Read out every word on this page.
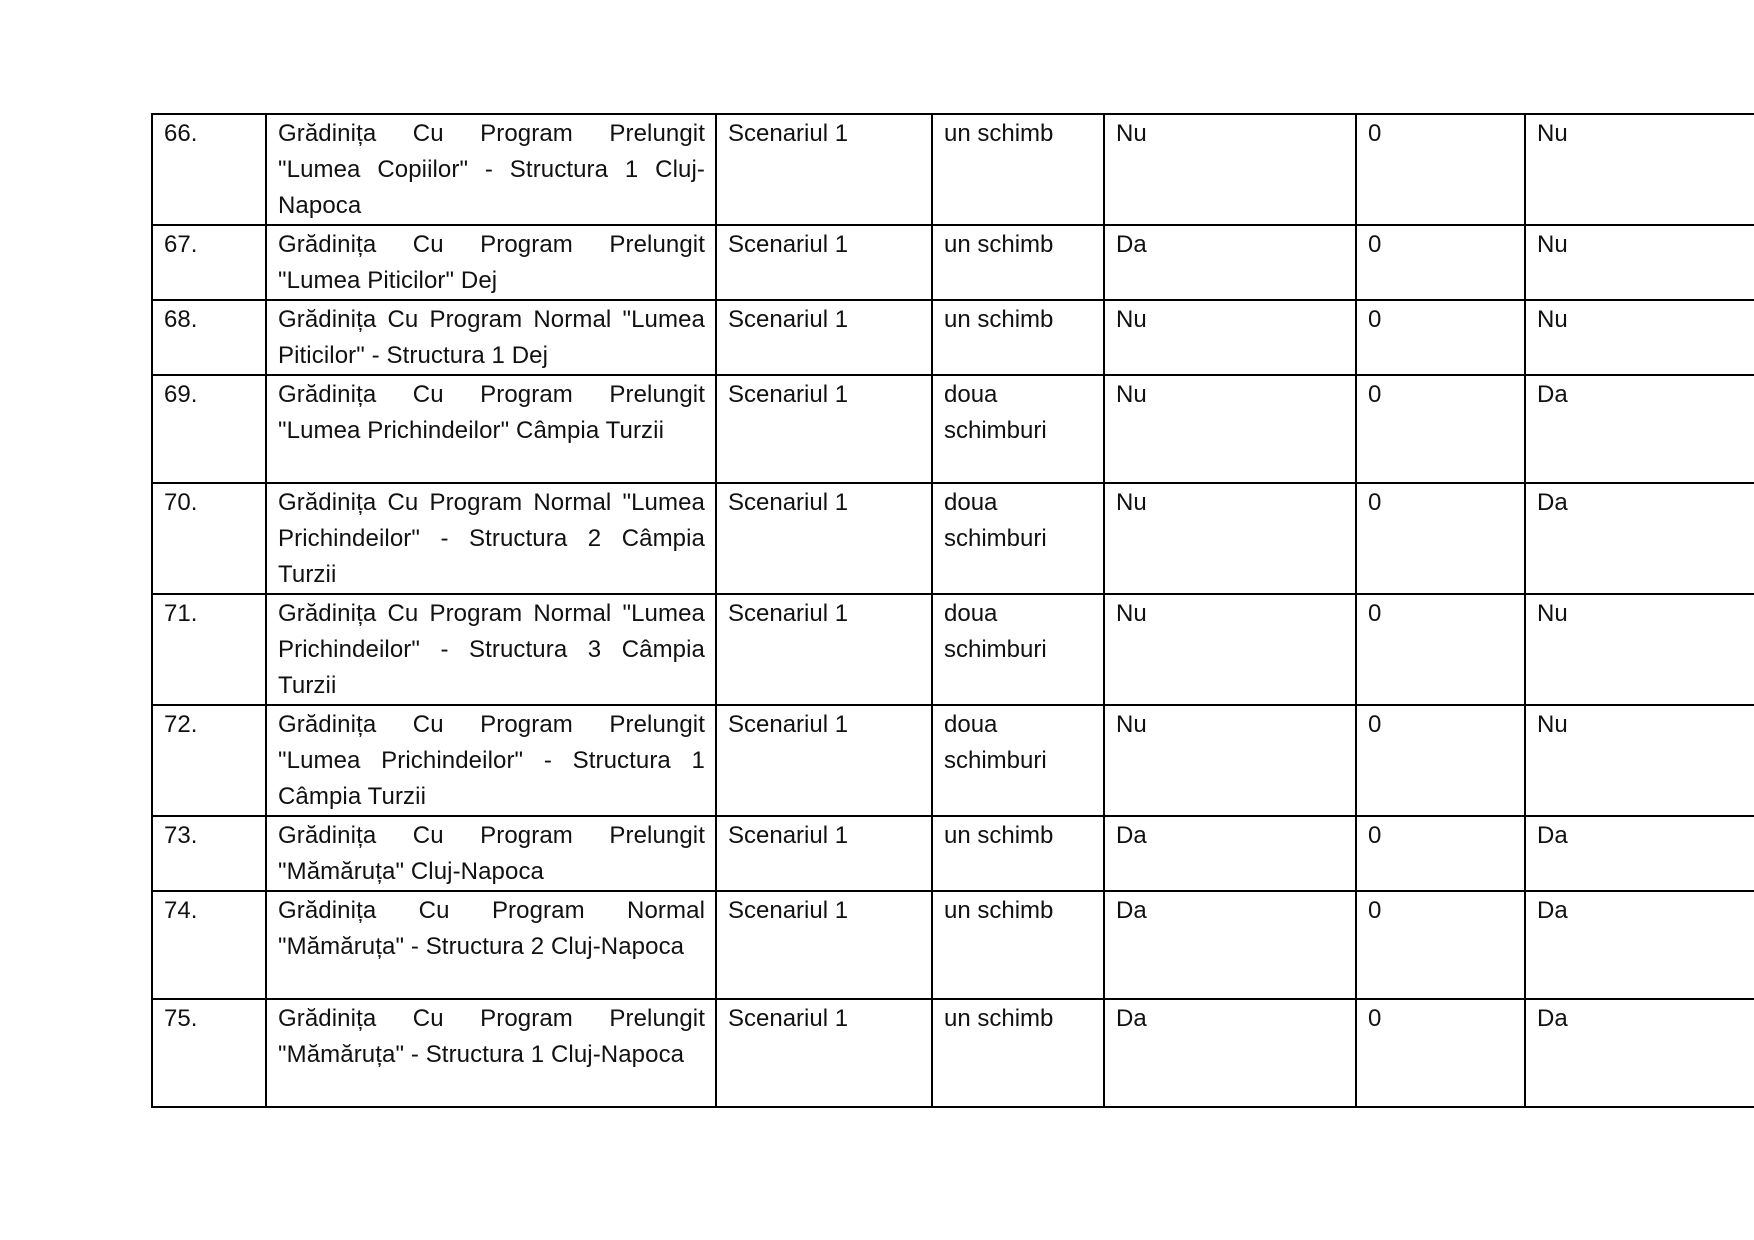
66.	Grădinița Cu Program Prelungit "Lumea Copiilor" - Structura 1 Cluj-Napoca	Scenariul 1	un schimb	Nu	0	Nu
67.	Grădinița Cu Program Prelungit "Lumea Piticilor" Dej	Scenariul 1	un schimb	Da	0	Nu
68.	Grădinița Cu Program Normal "Lumea Piticilor" - Structura 1 Dej	Scenariul 1	un schimb	Nu	0	Nu
69.	Grădinița Cu Program Prelungit "Lumea Prichindeilor" Câmpia Turzii	Scenariul 1	doua schimburi	Nu	0	Da
70.	Grădinița Cu Program Normal "Lumea Prichindeilor" - Structura 2 Câmpia Turzii	Scenariul 1	doua schimburi	Nu	0	Da
71.	Grădinița Cu Program Normal "Lumea Prichindeilor" - Structura 3 Câmpia Turzii	Scenariul 1	doua schimburi	Nu	0	Nu
72.	Grădinița Cu Program Prelungit "Lumea Prichindeilor" - Structura 1 Câmpia Turzii	Scenariul 1	doua schimburi	Nu	0	Nu
73.	Grădinița Cu Program Prelungit "Mămăruța" Cluj-Napoca	Scenariul 1	un schimb	Da	0	Da
74.	Grădinița Cu Program Normal "Mămăruța" - Structura 2 Cluj-Napoca	Scenariul 1	un schimb	Da	0	Da
75.	Grădinița Cu Program Prelungit "Mămăruța" - Structura 1 Cluj-Napoca	Scenariul 1	un schimb	Da	0	Da
